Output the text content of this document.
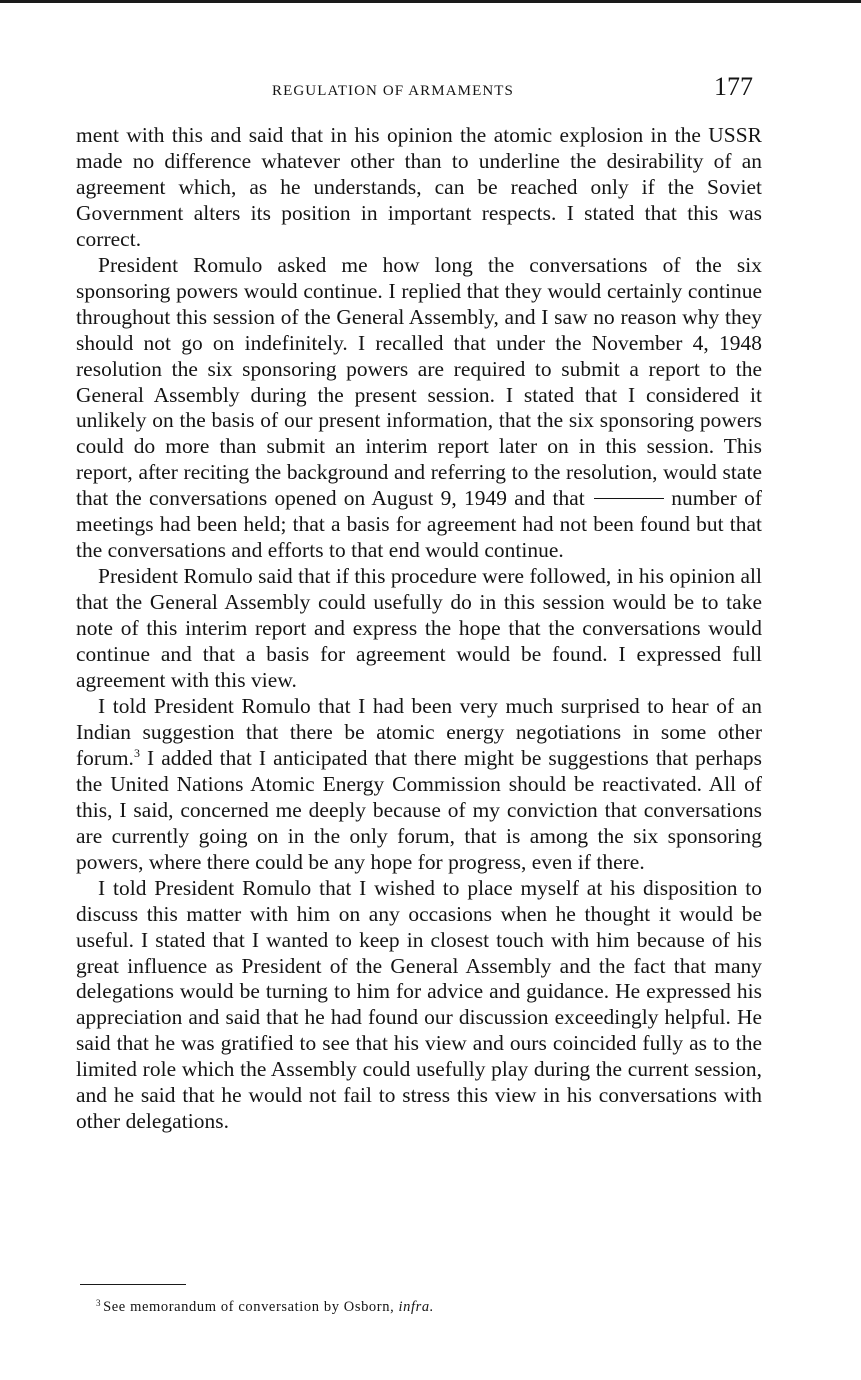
REGULATION OF ARMAMENTS	177

ment with this and said that in his opinion the atomic explosion in the USSR made no difference whatever other than to underline the desirability of an agreement which, as he understands, can be reached only if the Soviet Government alters its position in important respects. I stated that this was correct.

President Romulo asked me how long the conversations of the six sponsoring powers would continue. I replied that they would certainly continue throughout this session of the General Assembly, and I saw no reason why they should not go on indefinitely. I recalled that under the November 4, 1948 resolution the six sponsoring powers are required to submit a report to the General Assembly during the present session. I stated that I considered it unlikely on the basis of our present information, that the six sponsoring powers could do more than submit an interim report later on in this session. This report, after reciting the background and referring to the resolution, would state that the conversations opened on August 9, 1949 and that	number of meetings had been held; that a basis for agreement had not been found but that the conversations and efforts to that end would continue.

President Romulo said that if this procedure were followed, in his opinion all that the General Assembly could usefully do in this session would be to take note of this interim report and express the hope that the conversations would continue and that a basis for agreement would be found. I expressed full agreement with this view.

I told President Romulo that I had been very much surprised to hear of an Indian suggestion that there be atomic energy negotiations in some other forum.$^3$ I added that I anticipated that there might be suggestions that perhaps the United Nations Atomic Energy Commission should be reactivated. All of this, I said, concerned me deeply because of my conviction that conversations are currently going on in the only forum, that is among the six sponsoring powers, where there could be any hope for progress, even if there.

I told President Romulo that I wished to place myself at his disposition to discuss this matter with him on any occasions when he thought it would be useful. I stated that I wanted to keep in closest touch with him because of his great influence as President of the General Assembly and the fact that many delegations would be turning to him for advice and guidance. He expressed his appreciation and said that he had found our discussion exceedingly helpful. He said that he was gratified to see that his view and ours coincided fully as to the limited role which the Assembly could usefully play during the current session, and he said that he would not fail to stress this view in his conversations with other delegations.

$^3$ See memorandum of conversation by Osborn, infra.
